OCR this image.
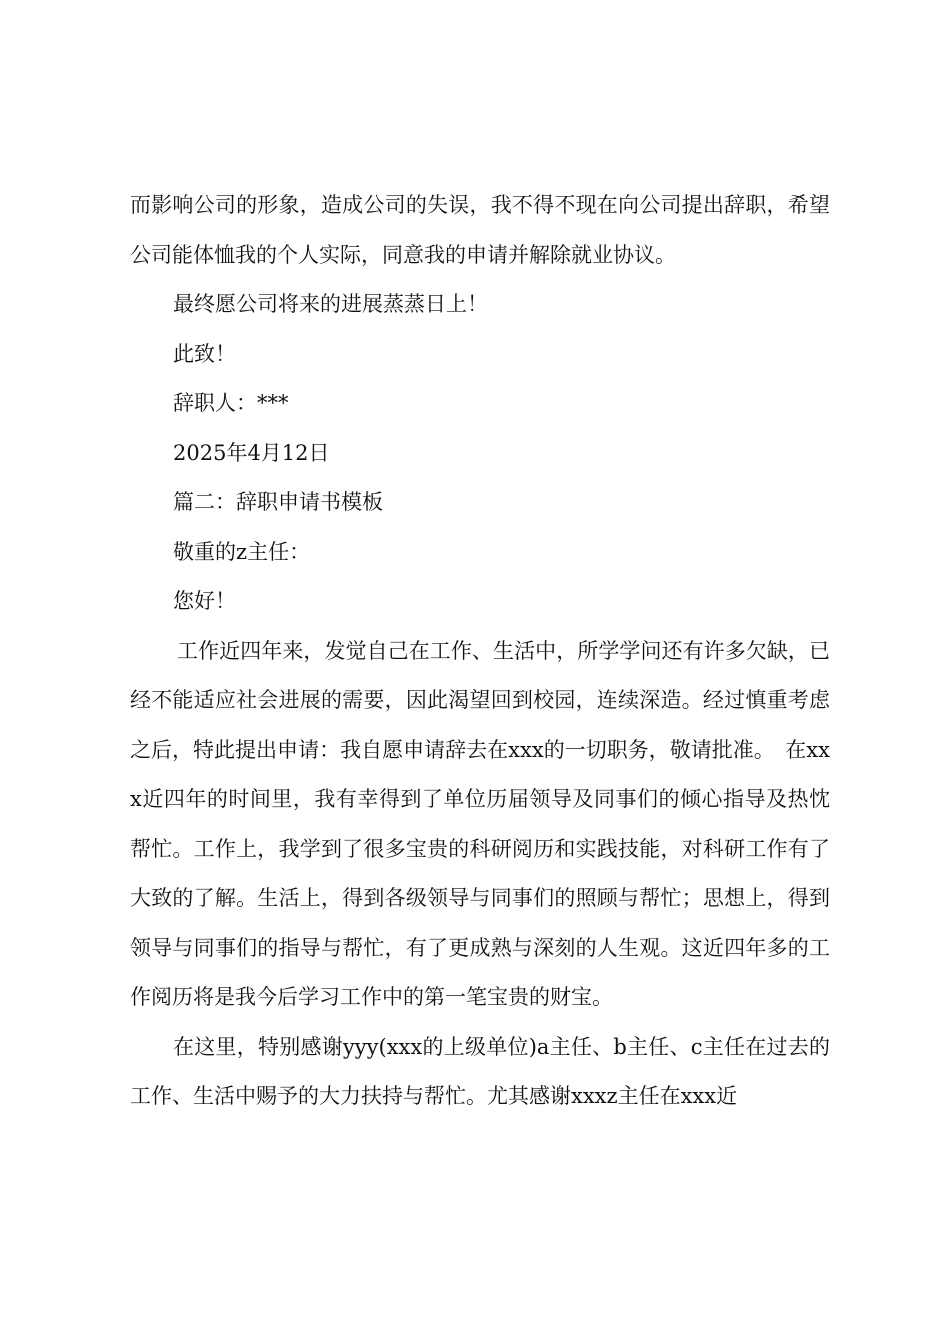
而影响公司的形象，造成公司的失误，我不得不现在向公司提出辞职，希望公司能体恤我的个人实际，同意我的申请并解除就业协议。

最终愿公司将来的进展蒸蒸日上！

此致！

辞职人：***

2025年4月12日

篇二：辞职申请书模板

敬重的z主任：

您好！

工作近四年来，发觉自己在工作、生活中，所学学问还有许多欠缺，已经不能适应社会进展的需要，因此渴望回到校园，连续深造。经过慎重考虑之后，特此提出申请：我自愿申请辞去在xxx的一切职务，敬请批准。　在xxx近四年的时间里，我有幸得到了单位历届领导及同事们的倾心指导及热忱帮忙。工作上，我学到了很多宝贵的科研阅历和实践技能，对科研工作有了大致的了解。生活上，得到各级领导与同事们的照顾与帮忙；思想上，得到领导与同事们的指导与帮忙，有了更成熟与深刻的人生观。这近四年多的工作阅历将是我今后学习工作中的第一笔宝贵的财宝。

在这里，特别感谢yyy(xxx的上级单位)a主任、b主任、c主任在过去的工作、生活中赐予的大力扶持与帮忙。尤其感谢xxxz主任在xxx近
